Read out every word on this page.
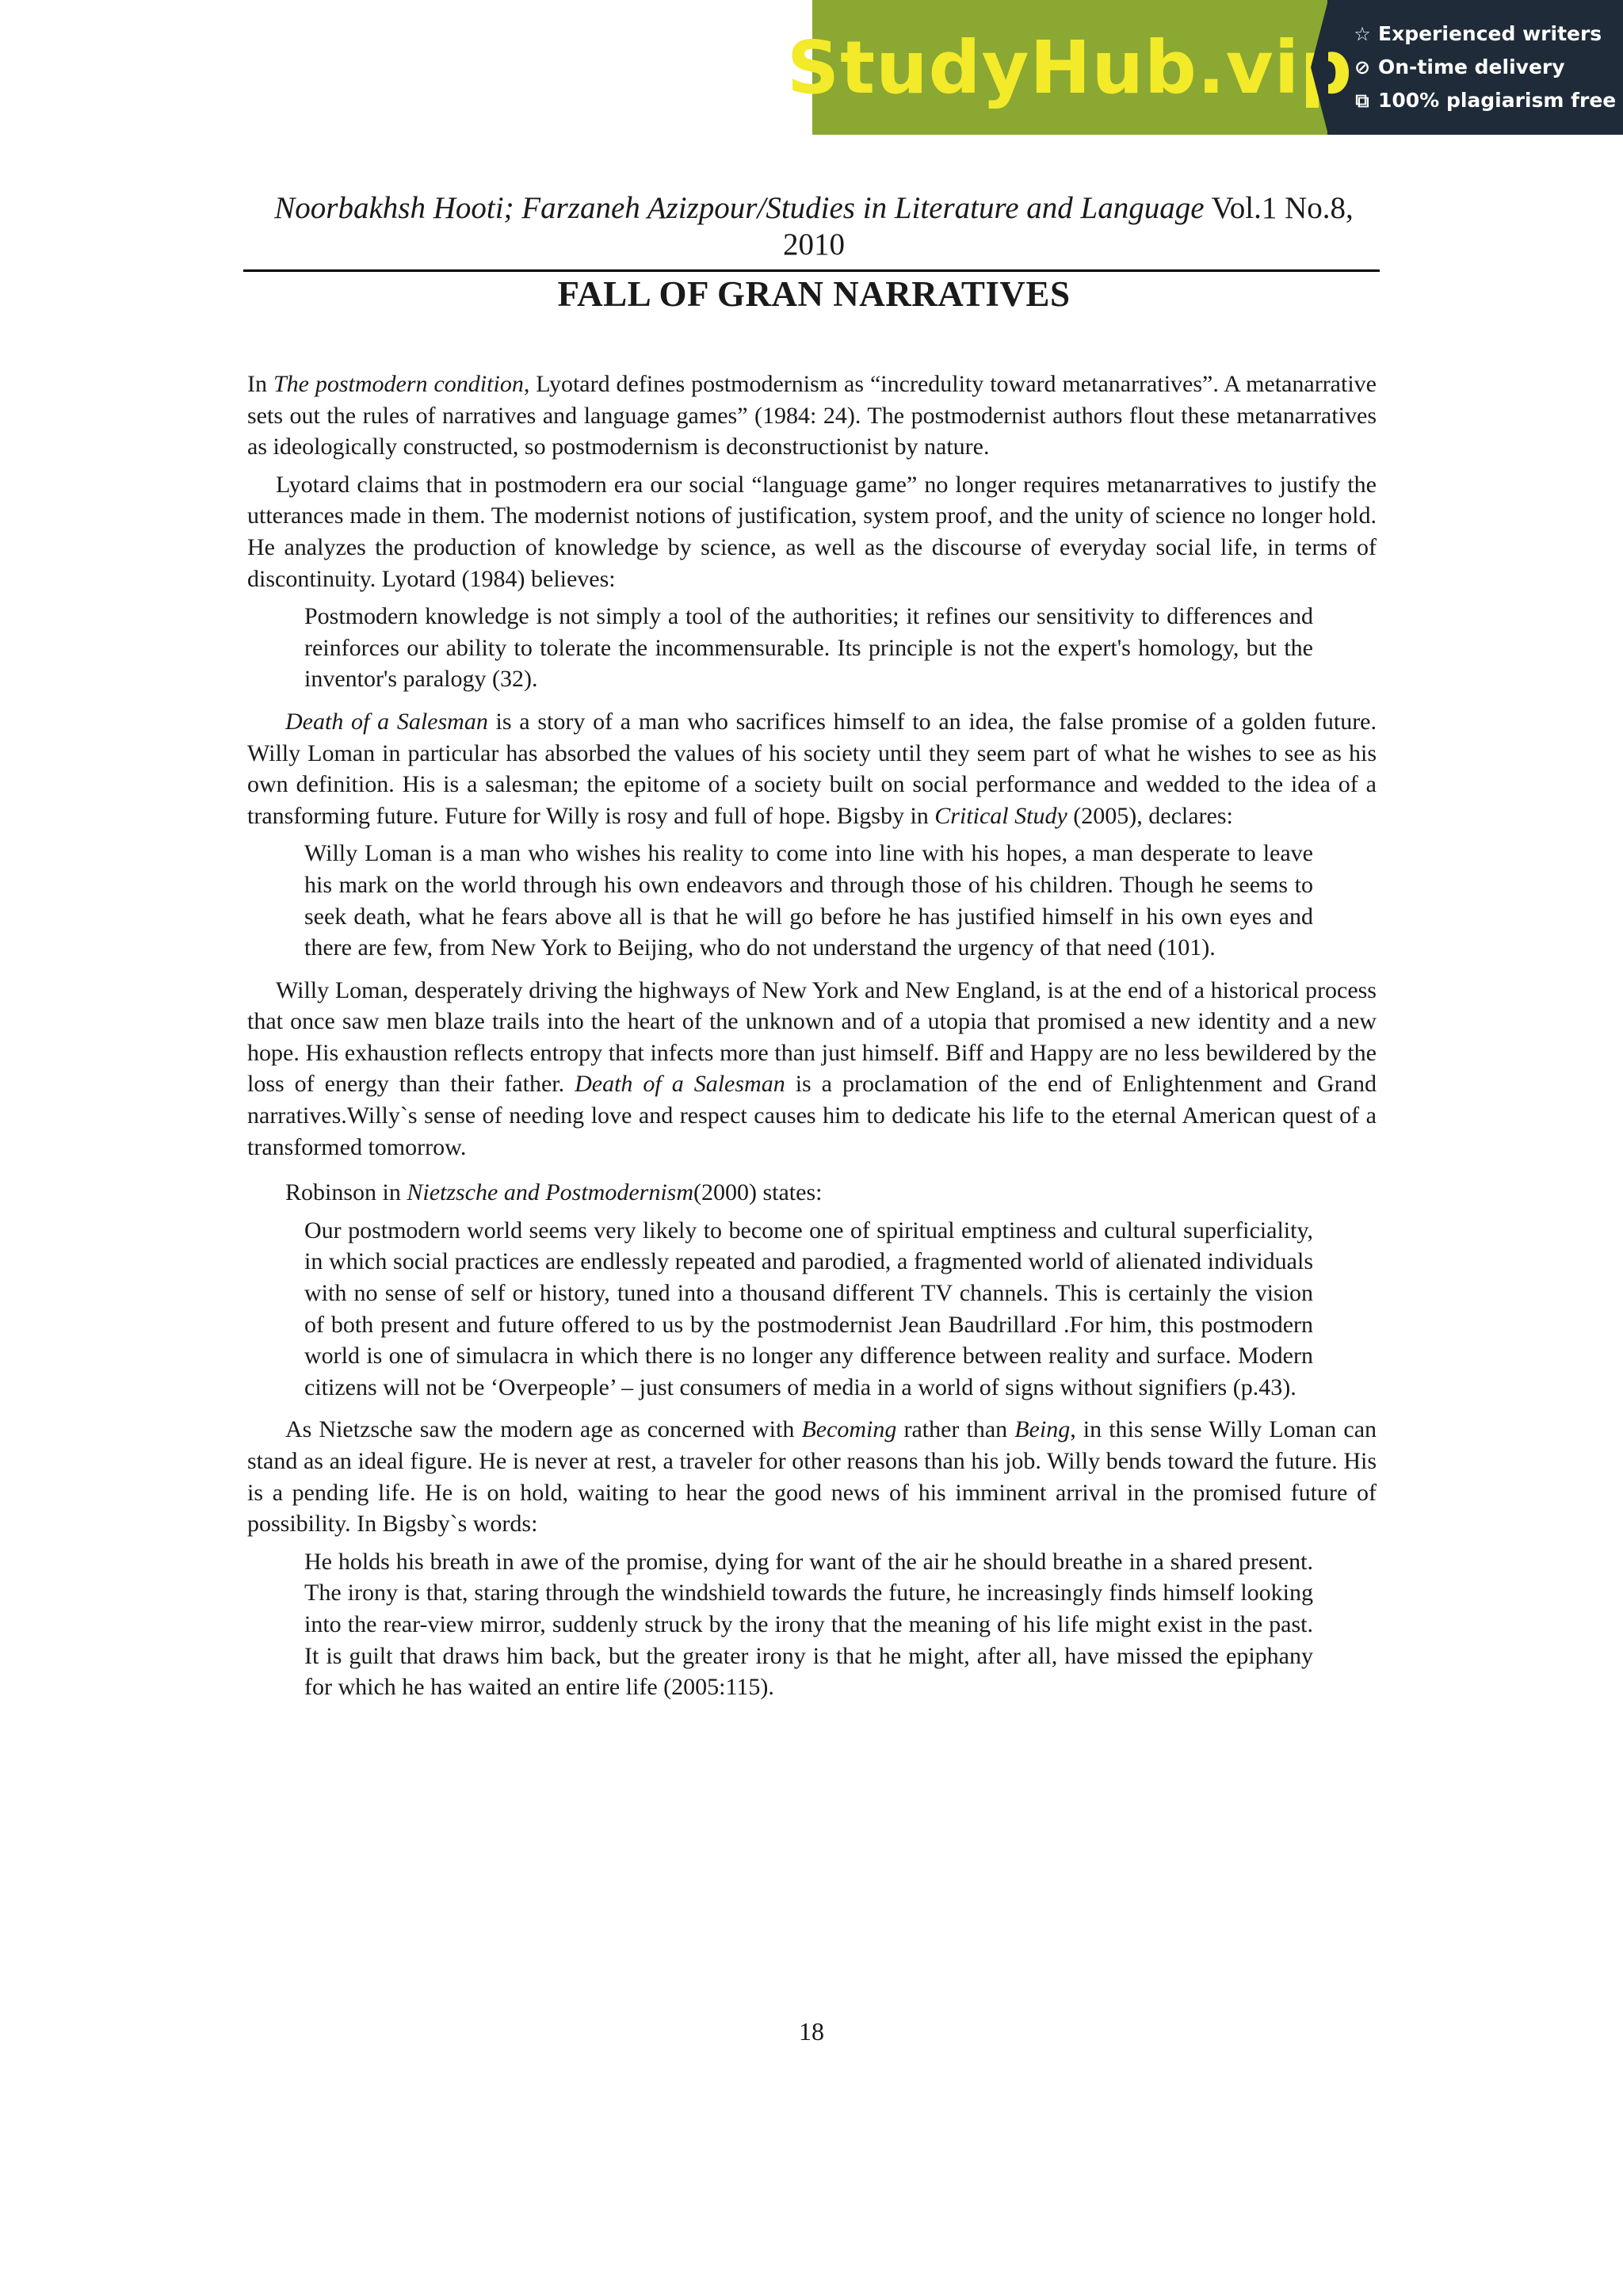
StudyHub.vip ☆ Experienced writers
⊘ On-time delivery
⧉ 100% plagiarism free
Noorbakhsh Hooti; Farzaneh Azizpour/Studies in Literature and Language Vol.1 No.8,
2010
FALL OF GRAN NARRATIVES

In The postmodern condition, Lyotard defines postmodernism as “incredulity toward metanarratives”. A metanarrative sets out the rules of narratives and language games” (1984: 24). The postmodernist authors flout these metanarratives as ideologically constructed, so postmodernism is deconstructionist by nature.

Lyotard claims that in postmodern era our social “language game” no longer requires metanarratives to justify the utterances made in them. The modernist notions of justification, system proof, and the unity of science no longer hold. He analyzes the production of knowledge by science, as well as the discourse of everyday social life, in terms of discontinuity. Lyotard (1984) believes:

Postmodern knowledge is not simply a tool of the authorities; it refines our sensitivity to differences and reinforces our ability to tolerate the incommensurable. Its principle is not the expert's homology, but the inventor's paralogy (32).

Death of a Salesman is a story of a man who sacrifices himself to an idea, the false promise of a golden future. Willy Loman in particular has absorbed the values of his society until they seem part of what he wishes to see as his own definition. His is a salesman; the epitome of a society built on social performance and wedded to the idea of a transforming future. Future for Willy is rosy and full of hope. Bigsby in Critical Study (2005), declares:

Willy Loman is a man who wishes his reality to come into line with his hopes, a man desperate to leave his mark on the world through his own endeavors and through those of his children. Though he seems to seek death, what he fears above all is that he will go before he has justified himself in his own eyes and there are few, from New York to Beijing, who do not understand the urgency of that need (101).

Willy Loman, desperately driving the highways of New York and New England, is at the end of a historical process that once saw men blaze trails into the heart of the unknown and of a utopia that promised a new identity and a new hope. His exhaustion reflects entropy that infects more than just himself. Biff and Happy are no less bewildered by the loss of energy than their father. Death of a Salesman is a proclamation of the end of Enlightenment and Grand narratives.Willy`s sense of needing love and respect causes him to dedicate his life to the eternal American quest of a transformed tomorrow.

Robinson in Nietzsche and Postmodernism(2000) states:

Our postmodern world seems very likely to become one of spiritual emptiness and cultural superficiality, in which social practices are endlessly repeated and parodied, a fragmented world of alienated individuals with no sense of self or history, tuned into a thousand different TV channels. This is certainly the vision of both present and future offered to us by the postmodernist Jean Baudrillard .For him, this postmodern world is one of simulacra in which there is no longer any difference between reality and surface. Modern citizens will not be ‘Overpeople’ – just consumers of media in a world of signs without signifiers (p.43).

As Nietzsche saw the modern age as concerned with Becoming rather than Being, in this sense Willy Loman can stand as an ideal figure. He is never at rest, a traveler for other reasons than his job. Willy bends toward the future. His is a pending life. He is on hold, waiting to hear the good news of his imminent arrival in the promised future of possibility. In Bigsby`s words:

He holds his breath in awe of the promise, dying for want of the air he should breathe in a shared present. The irony is that, staring through the windshield towards the future, he increasingly finds himself looking into the rear-view mirror, suddenly struck by the irony that the meaning of his life might exist in the past. It is guilt that draws him back, but the greater irony is that he might, after all, have missed the epiphany for which he has waited an entire life (2005:115).

18
